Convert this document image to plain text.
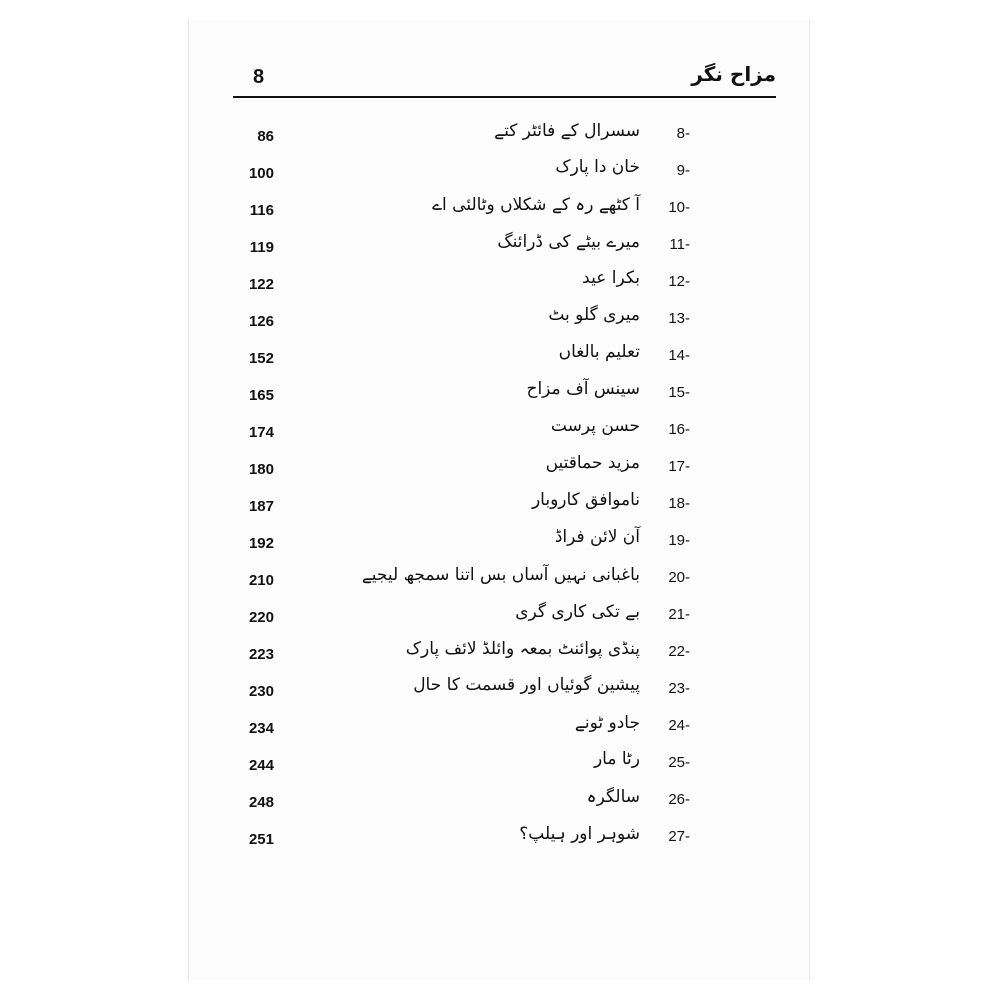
8	مزاح نگر
86	سسرال کے فائٹر کتے 8-
100	خان دا پارک 9-
116	آ کٹھے رہ کے شکلاں وٹالئی اے 10-
119	میرے بیٹے کی ڈرائنگ 11-
122	بکرا عید 12-
126	میری گلو بٹ 13-
152	تعلیم بالغاں 14-
165	سینس آف مزاح 15-
174	حسن پرست 16-
180	مزید حماقتیں 17-
187	ناموافق کاروبار 18-
192	آن لائن فراڈ 19-
210	باغبانی نہیں آساں بس اتنا سمجھ لیجیے 20-
220	بے تکی کاری گری 21-
223	پنڈی پوائنٹ بمعہ وائلڈ لائف پارک 22-
230	پیشین گوئیاں اور قسمت کا حال 23-
234	جادو ٹونے 24-
244	رٹا مار 25-
248	سالگرہ 26-
251	شوہر اور ہیلپ؟ 27-
